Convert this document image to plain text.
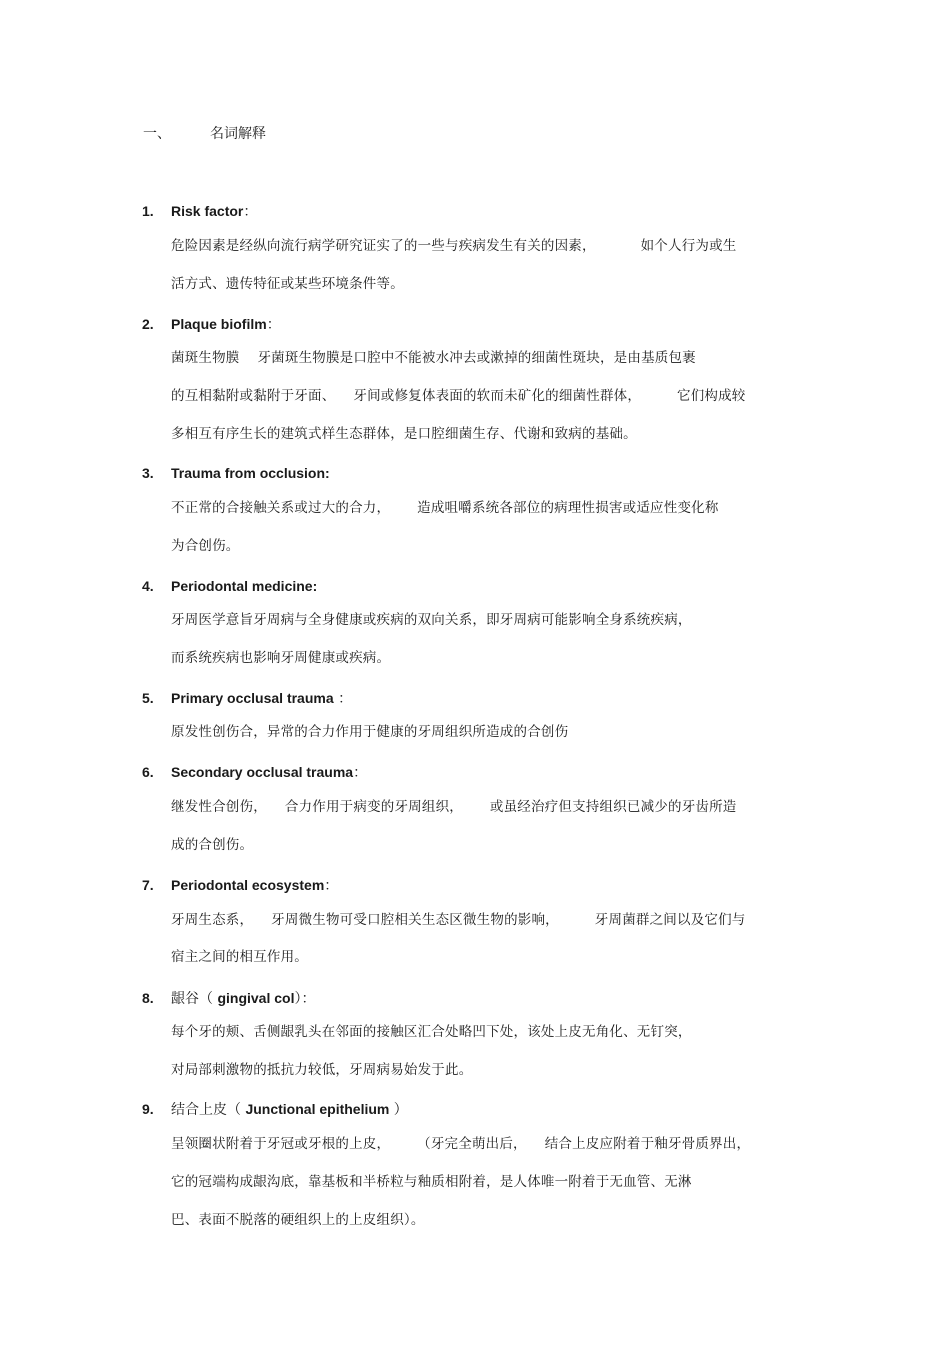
一、	名词解释
1. Risk factor：
危险因素是经纵向流行病学研究证实了的一些与疾病发生有关的因素，          如个人行为或生
活方式、遗传特征或某些环境条件等。
2. Plaque biofilm：
菌斑生物膜    牙菌斑生物膜是口腔中不能被水冲去或漱掉的细菌性斑块，是由基质包裹
的互相黏附或黏附于牙面、    牙间或修复体表面的软而未矿化的细菌性群体，        它们构成较
多相互有序生长的建筑式样生态群体，是口腔细菌生存、代谢和致病的基础。
3. Trauma from occlusion:
不正常的合接触关系或过大的合力，      造成咀嚼系统各部位的病理性损害或适应性变化称
为合创伤。
4. Periodontal medicine:
牙周医学意旨牙周病与全身健康或疾病的双向关系，即牙周病可能影响全身系统疾病，
而系统疾病也影响牙周健康或疾病。
5. Primary occlusal trauma ：
原发性创伤合，异常的合力作用于健康的牙周组织所造成的合创伤
6. Secondary occlusal trauma：
继发性合创伤，    合力作用于病变的牙周组织，      或虽经治疗但支持组织已减少的牙齿所造
成的合创伤。
7. Periodontal ecosystem：
牙周生态系，    牙周微生物可受口腔相关生态区微生物的影响，        牙周菌群之间以及它们与
宿主之间的相互作用。
8. 龈谷（ gingival col）：
每个牙的颊、舌侧龈乳头在邻面的接触区汇合处略凹下处，该处上皮无角化、无钉突，
对局部刺激物的抵抗力较低，牙周病易始发于此。
9. 结合上皮（ Junctional epithelium ）
呈领圈状附着于牙冠或牙根的上皮，      （牙完全萌出后，    结合上皮应附着于釉牙骨质界出，
它的冠端构成龈沟底，靠基板和半桥粒与釉质相附着，是人体唯一附着于无血管、无淋
巴、表面不脱落的硬组织上的上皮组织）。
